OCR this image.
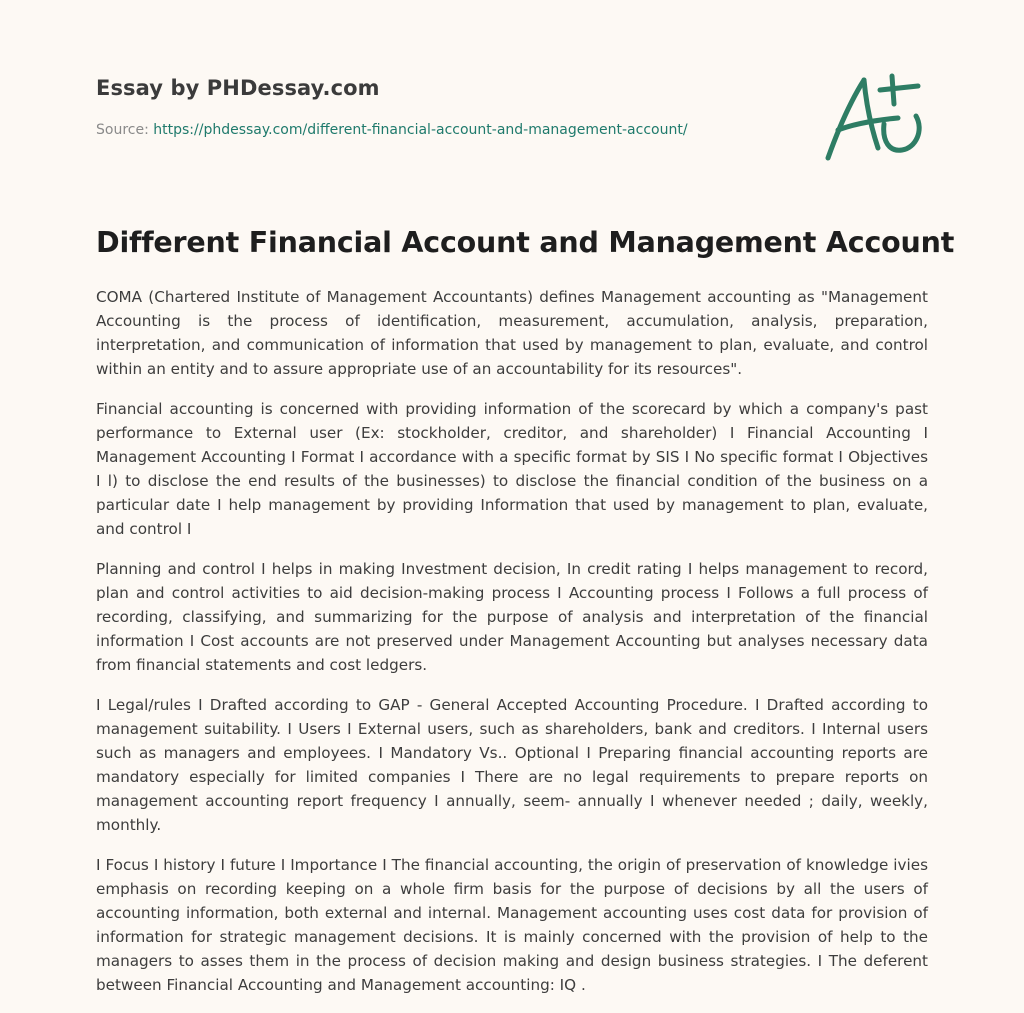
Essay by PHDessay.com
Source: https://phdessay.com/different-financial-account-and-management-account/
Different Financial Account and Management Account

COMA (Chartered Institute of Management Accountants) defines Management accounting as "Management Accounting is the process of identification, measurement, accumulation, analysis, preparation, interpretation, and communication of information that used by management to plan, evaluate, and control within an entity and to assure appropriate use of an accountability for its resources".

Financial accounting is concerned with providing information of the scorecard by which a company's past performance to External user (Ex: stockholder, creditor, and shareholder) I Financial Accounting I Management Accounting I Format I accordance with a specific format by SIS I No specific format I Objectives I l) to disclose the end results of the businesses) to disclose the financial condition of the business on a particular date I help management by providing Information that used by management to plan, evaluate, and control I

Planning and control I helps in making Investment decision, In credit rating I helps management to record, plan and control activities to aid decision-making process I Accounting process I Follows a full process of recording, classifying, and summarizing for the purpose of analysis and interpretation of the financial information I Cost accounts are not preserved under Management Accounting but analyses necessary data from financial statements and cost ledgers.

I Legal/rules I Drafted according to GAP - General Accepted Accounting Procedure. I Drafted according to management suitability. I Users I External users, such as shareholders, bank and creditors. I Internal users such as managers and employees. I Mandatory Vs.. Optional I Preparing financial accounting reports are mandatory especially for limited companies I There are no legal requirements to prepare reports on management accounting report frequency I annually, seem- annually I whenever needed ; daily, weekly, monthly.

I Focus I history I future I Importance I The financial accounting, the origin of preservation of knowledge ivies emphasis on recording keeping on a whole firm basis for the purpose of decisions by all the users of accounting information, both external and internal. Management accounting uses cost data for provision of information for strategic management decisions. It is mainly concerned with the provision of help to the managers to asses them in the process of decision making and design business strategies. I The deferent between Financial Accounting and Management accounting: IQ .
